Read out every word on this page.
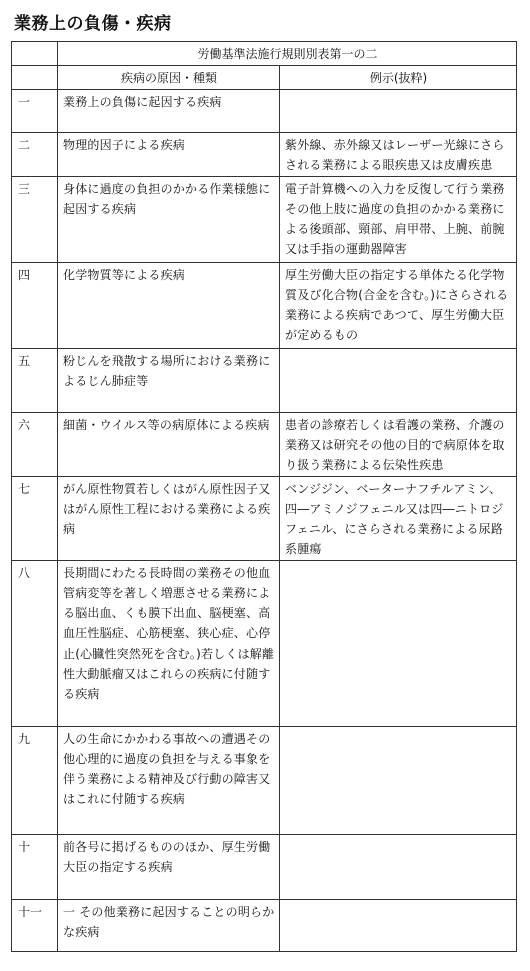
業務上の負傷・疾病
	労働基準法施行規則別表第一の二	
	疾病の原因・種類	例示(抜粋)
一	業務上の負傷に起因する疾病	
二	物理的因子による疾病	紫外線、赤外線又はレーザー光線にさらされる業務による眼疾患又は皮膚疾患
三	身体に過度の負担のかかる作業様態に起因する疾病	電子計算機への入力を反復して行う業務その他上肢に過度の負担のかかる業務による後頭部、頸部、肩甲帯、上腕、前腕又は手指の運動器障害
四	化学物質等による疾病	厚生労働大臣の指定する単体たる化学物質及び化合物(合金を含む。)にさらされる業務による疾病であつて、厚生労働大臣が定めるもの
五	粉じんを飛散する場所における業務によるじん肺症等	
六	細菌・ウイルス等の病原体による疾病	患者の診療若しくは看護の業務、介護の業務又は研究その他の目的で病原体を取り扱う業務による伝染性疾患
七	がん原性物質若しくはがん原性因子又はがん原性工程における業務による疾病	ベンジジン、ベーターナフチルアミン、四―アミノジフェニル又は四―ニトロジフェニル、にさらされる業務による尿路系腫瘍
八	長期間にわたる長時間の業務その他血管病変等を著しく増悪させる業務による脳出血、くも膜下出血、脳梗塞、高血圧性脳症、心筋梗塞、狭心症、心停止(心臓性突然死を含む。)若しくは解離性大動脈瘤又はこれらの疾病に付随する疾病	
九	人の生命にかかわる事故への遭遇その他心理的に過度の負担を与える事象を伴う業務による精神及び行動の障害又はこれに付随する疾病	
十	前各号に掲げるもののほか、厚生労働大臣の指定する疾病	
十一	一 その他業務に起因することの明らかな疾病	
